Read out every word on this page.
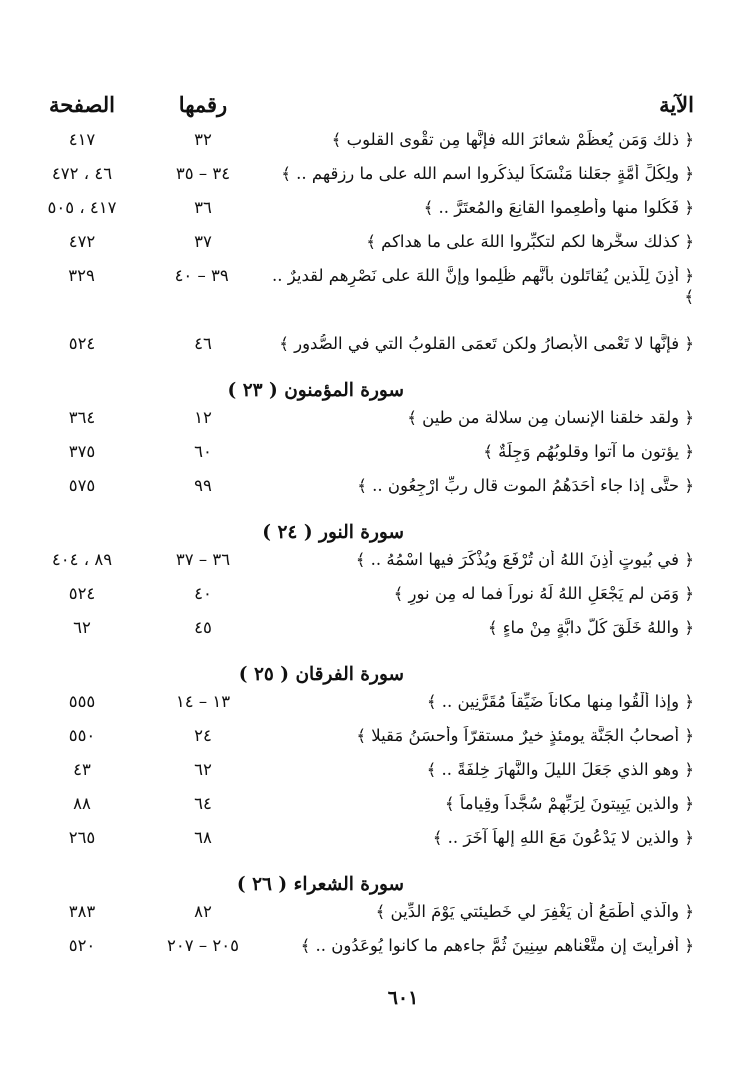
الآية
رقمها
الصفحة
﴿ ذلك وَمَن يُعظِّمْ شعائرَ الله فإنَّها مِن تقْوى القلوب ﴾
٣٢
٤١٧
﴿ ولِكُلِّ أُمَّةٍ جعَلنا مَنْسَكاً ليذكُروا اسم الله على ما رزقهم .. ﴾
٣٤ – ٣٥
٤٦ ، ٤٧٢
﴿ فَكُلوا منها وأطعِموا القانِعَ والمُعتَرَّ .. ﴾
٣٦
٤١٧ ، ٥٠٥
﴿ كذلك سخَّرها لكم لتكبِّروا اللهَ على ما هداكم ﴾
٣٧
٤٧٢
﴿ أُذِنَ لِلَّذين يُقاتَلون بأنَّهم ظُلِموا وإنَّ اللهَ على نَصْرِهم لقديرٌ .. ﴾
٣٩ – ٤٠
٣٢٩
﴿ فإنَّها لا تَعْمى الأبصارُ ولكن تَعمَى القلوبُ التي في الصُّدور ﴾
٤٦
٥٢٤
سورة المؤمنون ( ٢٣ )
﴿ ولقد خلقنا الإنسان مِن سلالة من طين ﴾
١٢
٣٦٤
﴿ يؤتون ما آتوا وقلوبُهُم وَجِلَةٌ ﴾
٦٠
٣٧٥
﴿ حتَّى إذا جاء أحَدَهُمُ الموت قال ربِّ ارْجِعُون .. ﴾
٩٩
٥٧٥
سورة النور ( ٢٤ )
﴿ في بُيوتٍ أَذِنَ اللهُ أن تُرْفَعَ ويُذْكَرَ فيها اسْمُهُ .. ﴾
٣٦ – ٣٧
٨٩ ، ٤٠٤
﴿ وَمَن لم يَجْعَلِ اللهُ لَهُ نوراً فما له مِن نورٍ ﴾
٤٠
٥٢٤
﴿ واللهُ خَلَقَ كُلَّ دابَّةٍ مِنْ ماءٍ ﴾
٤٥
٦٢
سورة الفرقان ( ٢٥ )
﴿ وإذا أُلْقُوا مِنها مكاناً ضَيِّقاً مُقَرَّنِين .. ﴾
١٣ – ١٤
٥٥٥
﴿ أَصحابُ الجَنَّة يومئذٍ خيرٌ مستقرّاً وأحسَنُ مَقيلا ﴾
٢٤
٥٥٠
﴿ وهو الذي جَعَلَ الليلَ والنَّهارَ خِلفَةً .. ﴾
٦٢
٤٣
﴿ والذين يَبِيتونَ لِرَبِّهِمْ سُجَّداً وقِياماً ﴾
٦٤
٨٨
﴿ والذين لا يَدْعُونَ مَعَ اللهِ إلهاً آخَرَ .. ﴾
٦٨
٢٦٥
سورة الشعراء ( ٢٦ )
﴿ والَّذي أَطْمَعُ أن يَغْفِرَ لي خَطيئتي يَوْمَ الدِّين ﴾
٨٢
٣٨٣
﴿ أفرأيتَ إن متَّعْناهم سِنِينَ ثُمَّ جاءهم ما كانوا يُوعَدُون .. ﴾
٢٠٥ – ٢٠٧
٥٢٠
٦٠١
